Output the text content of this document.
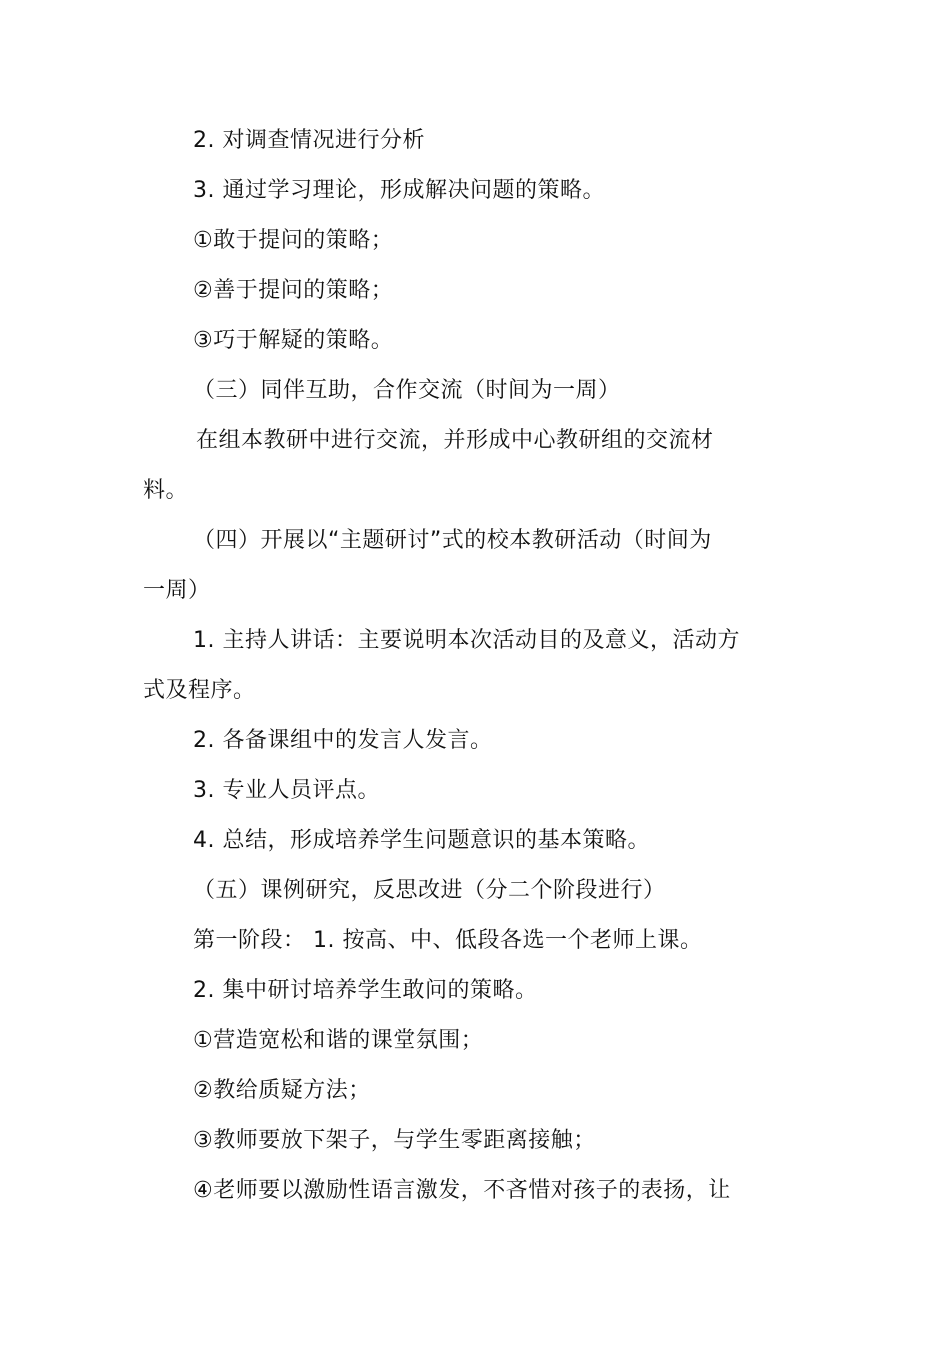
2. 对调查情况进行分析
3. 通过学习理论，形成解决问题的策略。
①敢于提问的策略；
②善于提问的策略；
③巧于解疑的策略。
（三）同伴互助，合作交流（时间为一周）
在组本教研中进行交流，并形成中心教研组的交流材
料。
（四）开展以“主题研讨”式的校本教研活动（时间为
一周）
1. 主持人讲话：主要说明本次活动目的及意义，活动方
式及程序。
2. 各备课组中的发言人发言。
3. 专业人员评点。
4. 总结，形成培养学生问题意识的基本策略。
（五）课例研究，反思改进（分二个阶段进行）
第一阶段： 1. 按高、中、低段各选一个老师上课。
2. 集中研讨培养学生敢问的策略。
①营造宽松和谐的课堂氛围；
②教给质疑方法；
③教师要放下架子，与学生零距离接触；
④老师要以激励性语言激发，不吝惜对孩子的表扬，让
